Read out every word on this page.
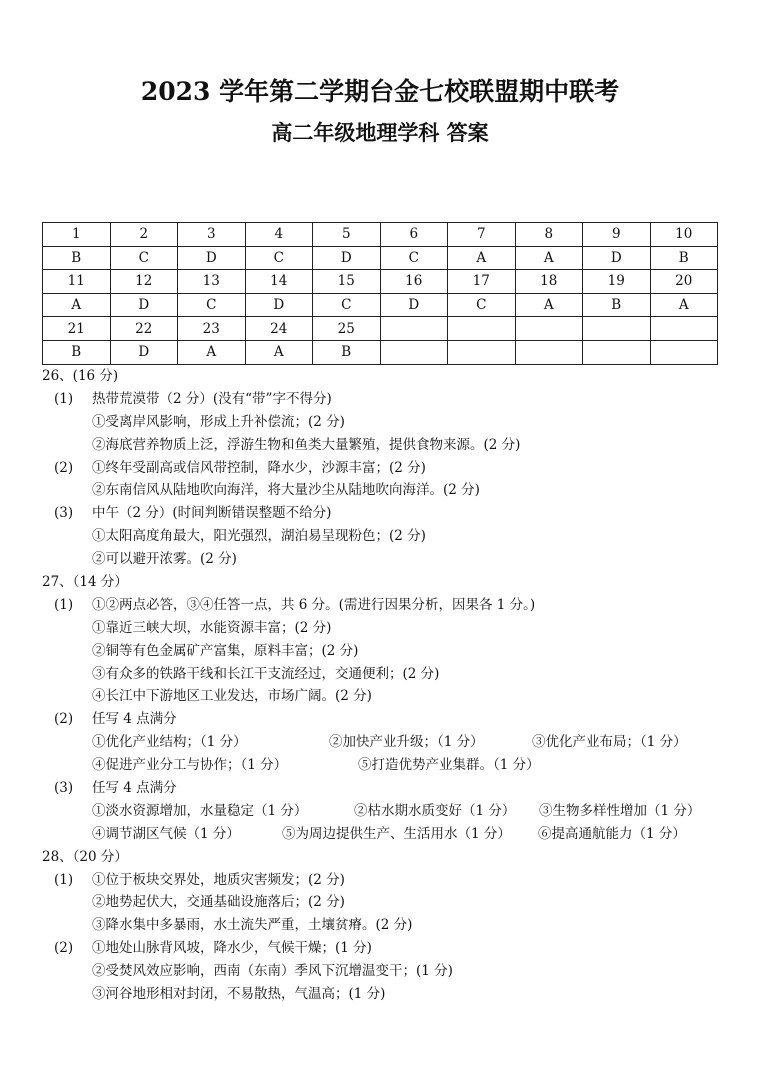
2023 学年第二学期台金七校联盟期中联考
高二年级地理学科 答案
1	2	3	4	5	6	7	8	9	10
B	C	D	C	D	C	A	A	D	B
11	12	13	14	15	16	17	18	19	20
A	D	C	D	C	D	C	A	B	A
21	22	23	24	25					
B	D	A	A	B					
26、(16 分)
(1) 热带荒漠带（2 分）(没有“带”字不得分)
①受离岸风影响，形成上升补偿流；(2 分)
②海底营养物质上泛，浮游生物和鱼类大量繁殖，提供食物来源。(2 分)
(2) ①终年受副高或信风带控制，降水少，沙源丰富；(2 分)
②东南信风从陆地吹向海洋，将大量沙尘从陆地吹向海洋。(2 分)
(3) 中午（2 分）(时间判断错误整题不给分)
①太阳高度角最大，阳光强烈，湖泊易呈现粉色；(2 分)
②可以避开浓雾。(2 分)
27、（14 分）
(1) ①②两点必答，③④任答一点，共 6 分。(需进行因果分析，因果各 1 分。)
①靠近三峡大坝，水能资源丰富；(2 分)
②铜等有色金属矿产富集，原料丰富；(2 分)
③有众多的铁路干线和长江干支流经过，交通便利；(2 分)
④长江中下游地区工业发达，市场广阔。(2 分)
(2) 任写 4 点满分
①优化产业结构；（1 分）	②加快产业升级；（1 分）	③优化产业布局；（1 分）
④促进产业分工与协作；（1 分）	⑤打造优势产业集群。（1 分）
(3) 任写 4 点满分
①淡水资源增加，水量稳定（1 分）	②枯水期水质变好（1 分） ③生物多样性增加（1 分）
④调节湖区气候（1 分）	⑤为周边提供生产、生活用水（1 分） ⑥提高通航能力（1 分）
28、（20 分）
(1) ①位于板块交界处，地质灾害频发；(2 分)
②地势起伏大，交通基础设施落后；(2 分)
③降水集中多暴雨，水土流失严重，土壤贫瘠。(2 分)
(2) ①地处山脉背风坡，降水少，气候干燥；(1 分)
②受焚风效应影响，西南（东南）季风下沉增温变干；(1 分)
③河谷地形相对封闭，不易散热，气温高；(1 分)
